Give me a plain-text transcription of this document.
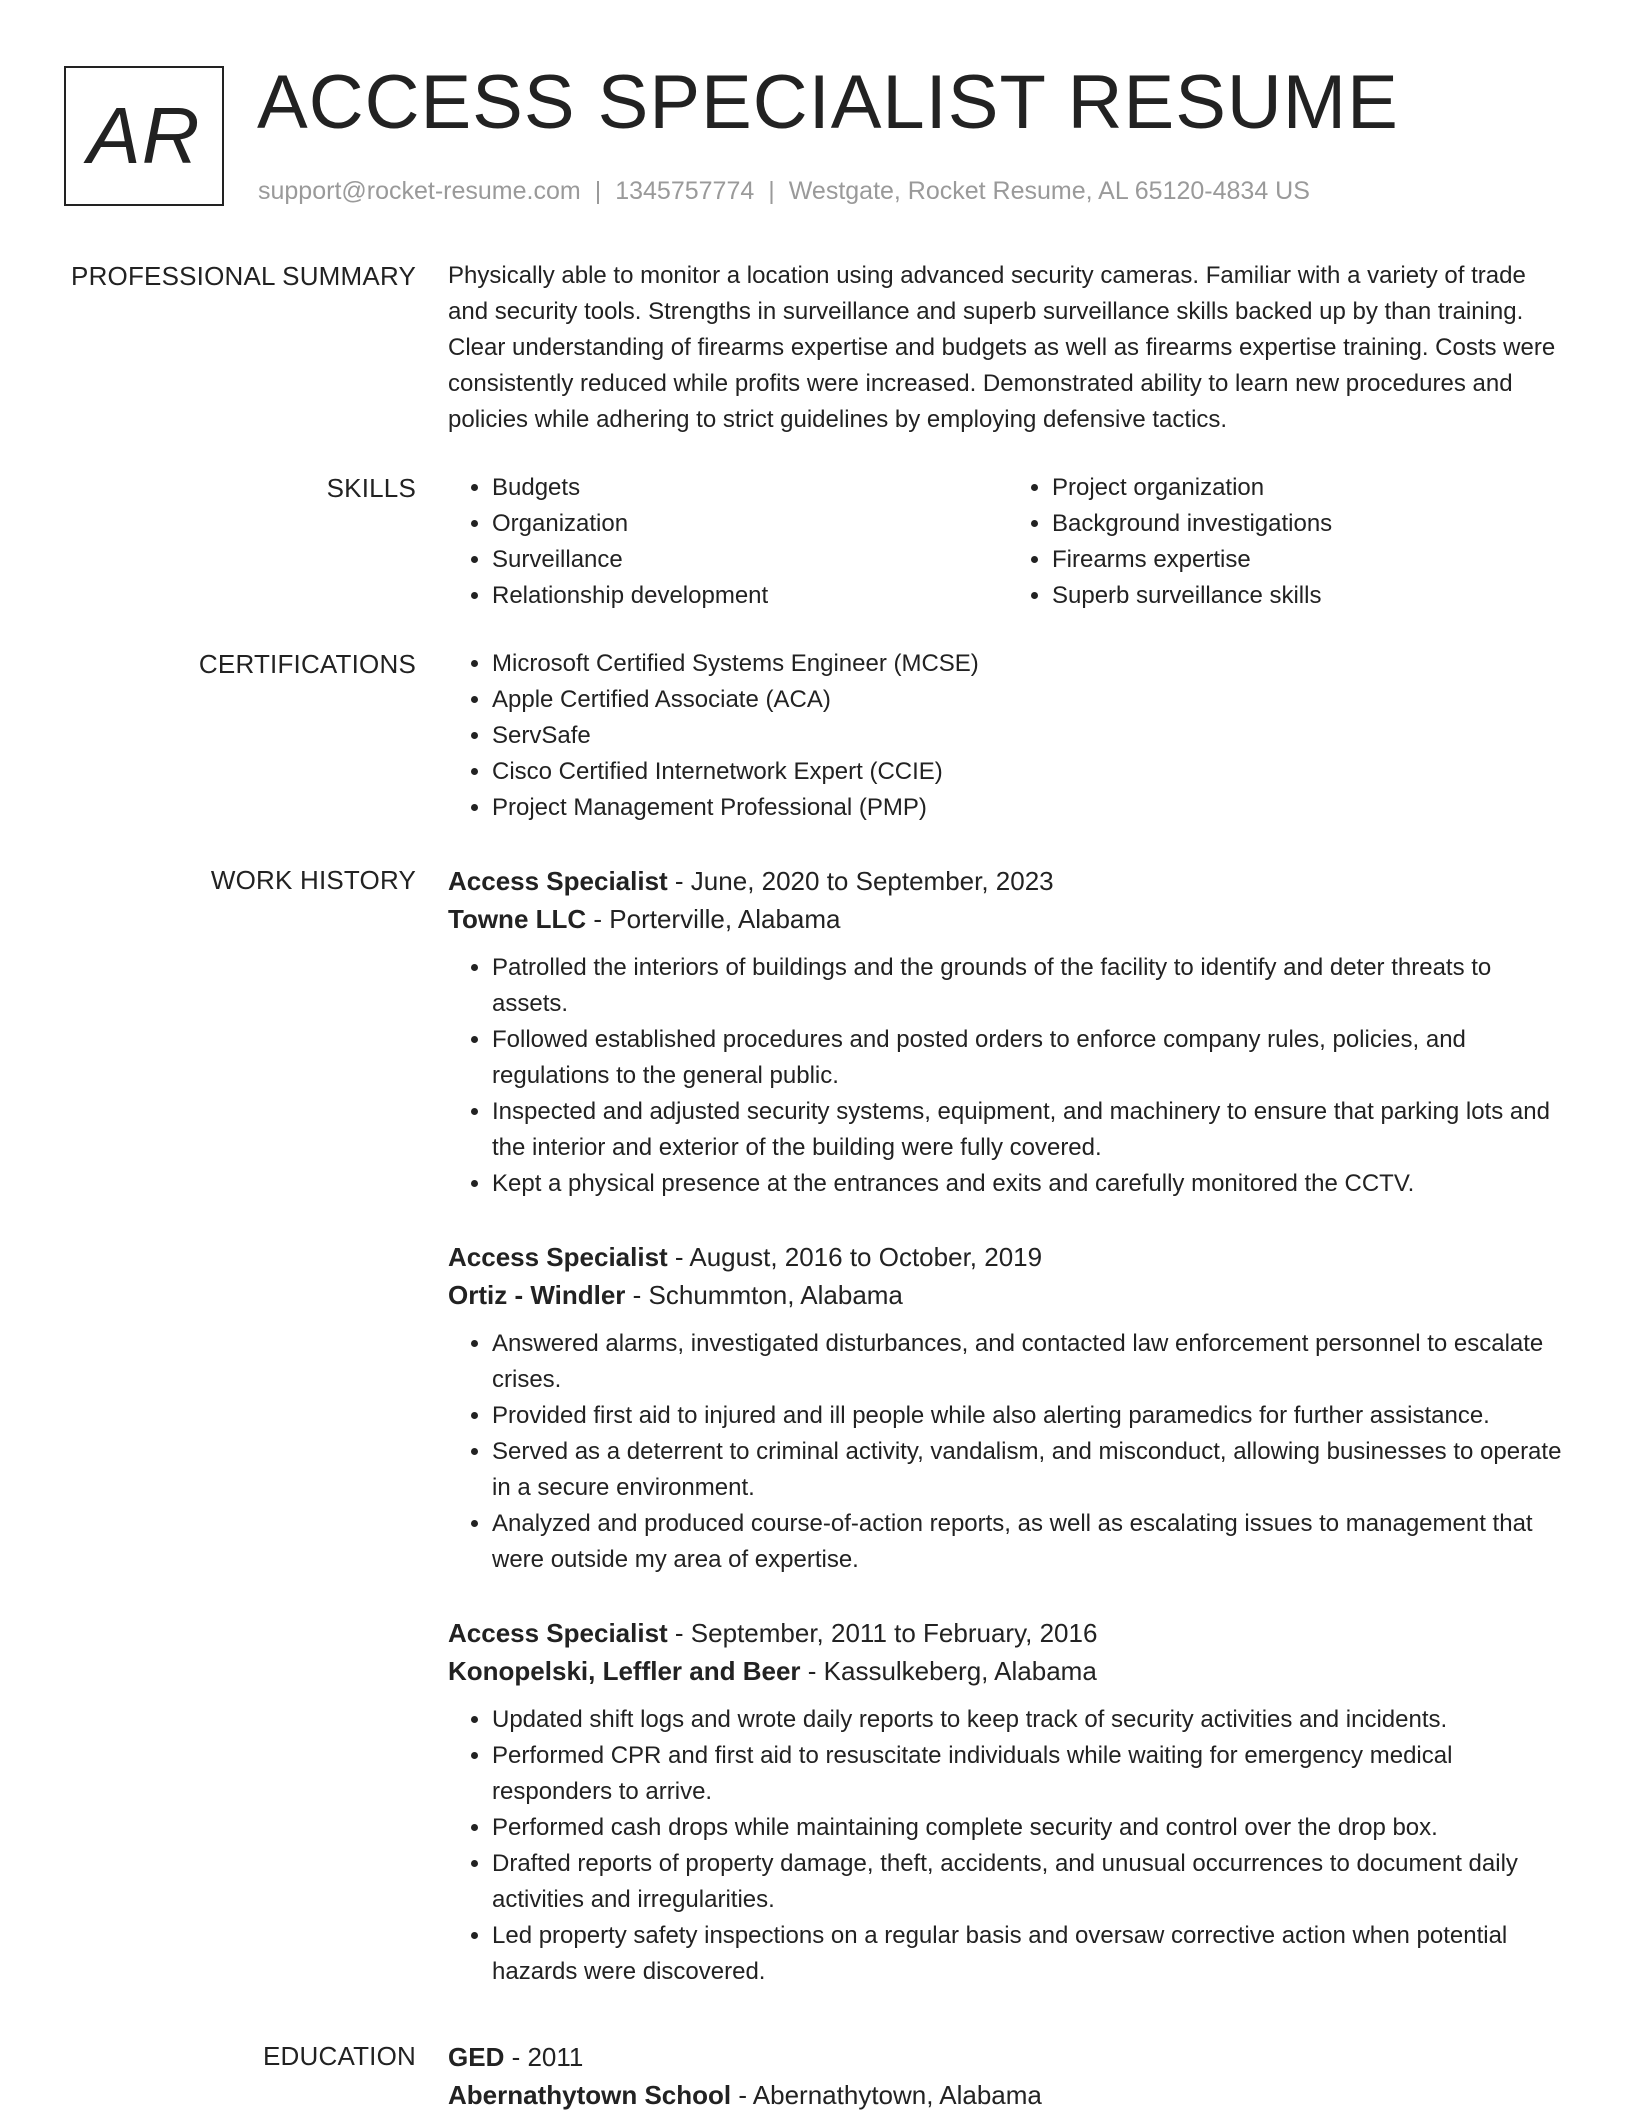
AR ACCESS SPECIALIST RESUME
support@rocket-resume.com | 1345757774 | Westgate, Rocket Resume, AL 65120-4834 US
PROFESSIONAL SUMMARY Physically able to monitor a location using advanced security cameras. Familiar with a variety of trade and security tools. Strengths in surveillance and superb surveillance skills backed up by than training. Clear understanding of firearms expertise and budgets as well as firearms expertise training. Costs were consistently reduced while profits were increased. Demonstrated ability to learn new procedures and policies while adhering to strict guidelines by employing defensive tactics.

SKILLS	• Budgets
• Organization
• Surveillance
• Relationship development
• Project organization
• Background investigations
• Firearms expertise
• Superb surveillance skills
CERTIFICATIONS	• Microsoft Certified Systems Engineer (MCSE)
• Apple Certified Associate (ACA)
• ServSafe
• Cisco Certified Internetwork Expert (CCIE)
• Project Management Professional (PMP)
WORK HISTORY Access Specialist - June, 2020 to September, 2023
Towne LLC - Porterville, Alabama
• Patrolled the interiors of buildings and the grounds of the facility to identify and deter threats to assets.
• Followed established procedures and posted orders to enforce company rules, policies, and regulations to the general public.
• Inspected and adjusted security systems, equipment, and machinery to ensure that parking lots and the interior and exterior of the building were fully covered.
• Kept a physical presence at the entrances and exits and carefully monitored the CCTV.
Access Specialist - August, 2016 to October, 2019
Ortiz - Windler - Schummton, Alabama
• Answered alarms, investigated disturbances, and contacted law enforcement personnel to escalate crises.
• Provided first aid to injured and ill people while also alerting paramedics for further assistance.
• Served as a deterrent to criminal activity, vandalism, and misconduct, allowing businesses to operate in a secure environment.
• Analyzed and produced course-of-action reports, as well as escalating issues to management that were outside my area of expertise.
Access Specialist - September, 2011 to February, 2016
Konopelski, Leffler and Beer - Kassulkeberg, Alabama
• Updated shift logs and wrote daily reports to keep track of security activities and incidents.
• Performed CPR and first aid to resuscitate individuals while waiting for emergency medical responders to arrive.
• Performed cash drops while maintaining complete security and control over the drop box.
• Drafted reports of property damage, theft, accidents, and unusual occurrences to document daily activities and irregularities.
• Led property safety inspections on a regular basis and oversaw corrective action when potential hazards were discovered.
EDUCATION GED - 2011
Abernathytown School - Abernathytown, Alabama
